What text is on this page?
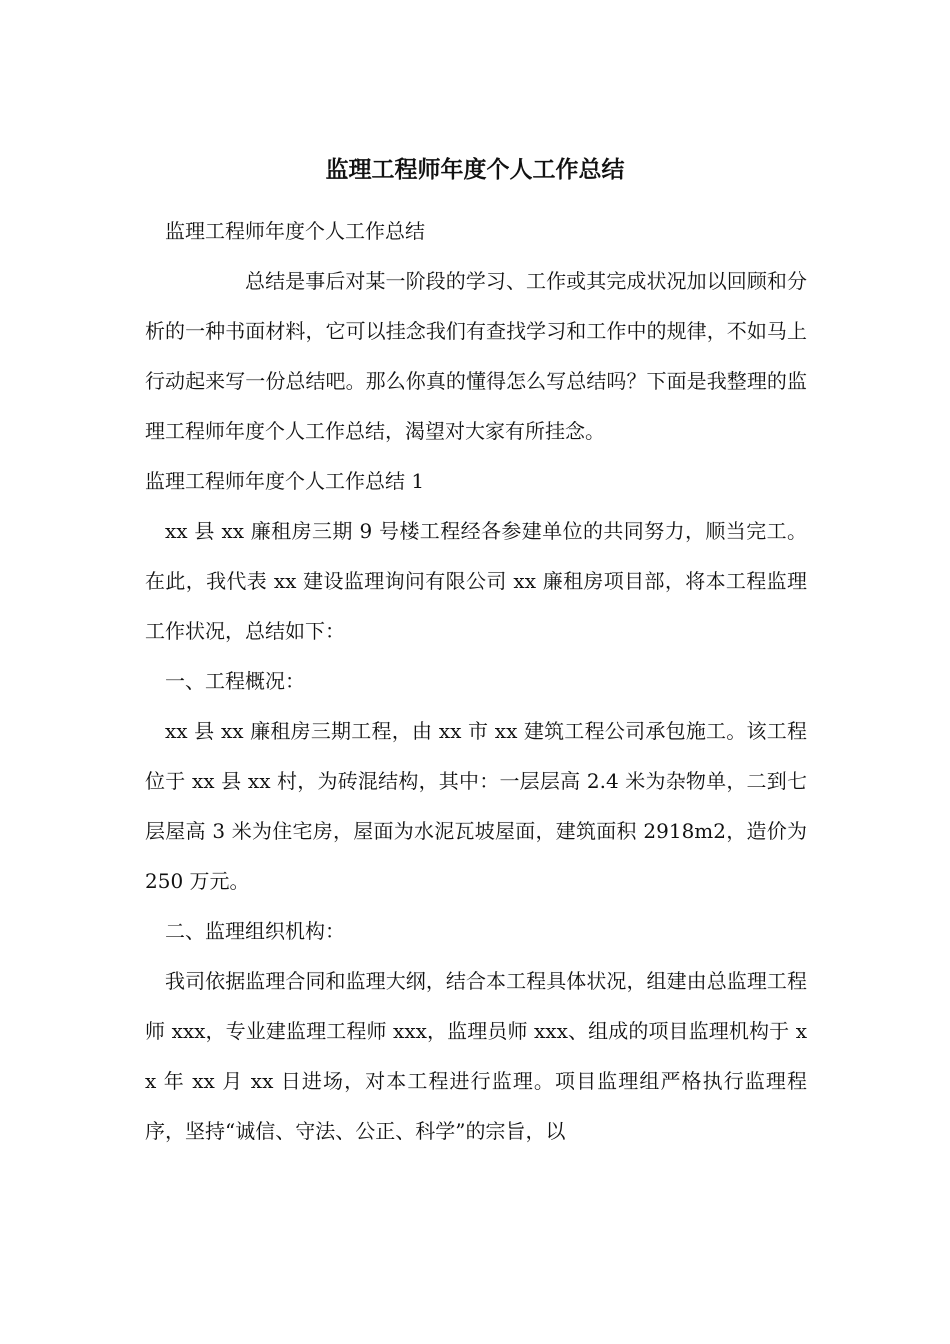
监理工程师年度个人工作总结

监理工程师年度个人工作总结

总结是事后对某一阶段的学习、工作或其完成状况加以回顾和分析的一种书面材料，它可以挂念我们有查找学习和工作中的规律，不如马上行动起来写一份总结吧。那么你真的懂得怎么写总结吗？下面是我整理的监理工程师年度个人工作总结，渴望对大家有所挂念。

监理工程师年度个人工作总结 1

xx 县 xx 廉租房三期 9 号楼工程经各参建单位的共同努力，顺当完工。在此，我代表 xx 建设监理询问有限公司 xx 廉租房项目部，将本工程监理工作状况，总结如下：

一、工程概况：

xx 县 xx 廉租房三期工程，由 xx 市 xx 建筑工程公司承包施工。该工程位于 xx 县 xx 村，为砖混结构，其中：一层层高 2.4 米为杂物单，二到七层屋高 3 米为住宅房，屋面为水泥瓦坡屋面，建筑面积 2918m2，造价为 250 万元。

二、监理组织机构：

我司依据监理合同和监理大纲，结合本工程具体状况，组建由总监理工程师 xxx，专业建监理工程师 xxx，监理员师 xxx、组成的项目监理机构于 xx 年 xx 月 xx 日进场，对本工程进行监理。项目监理组严格执行监理程序，坚持“诚信、守法、公正、科学”的宗旨，以
